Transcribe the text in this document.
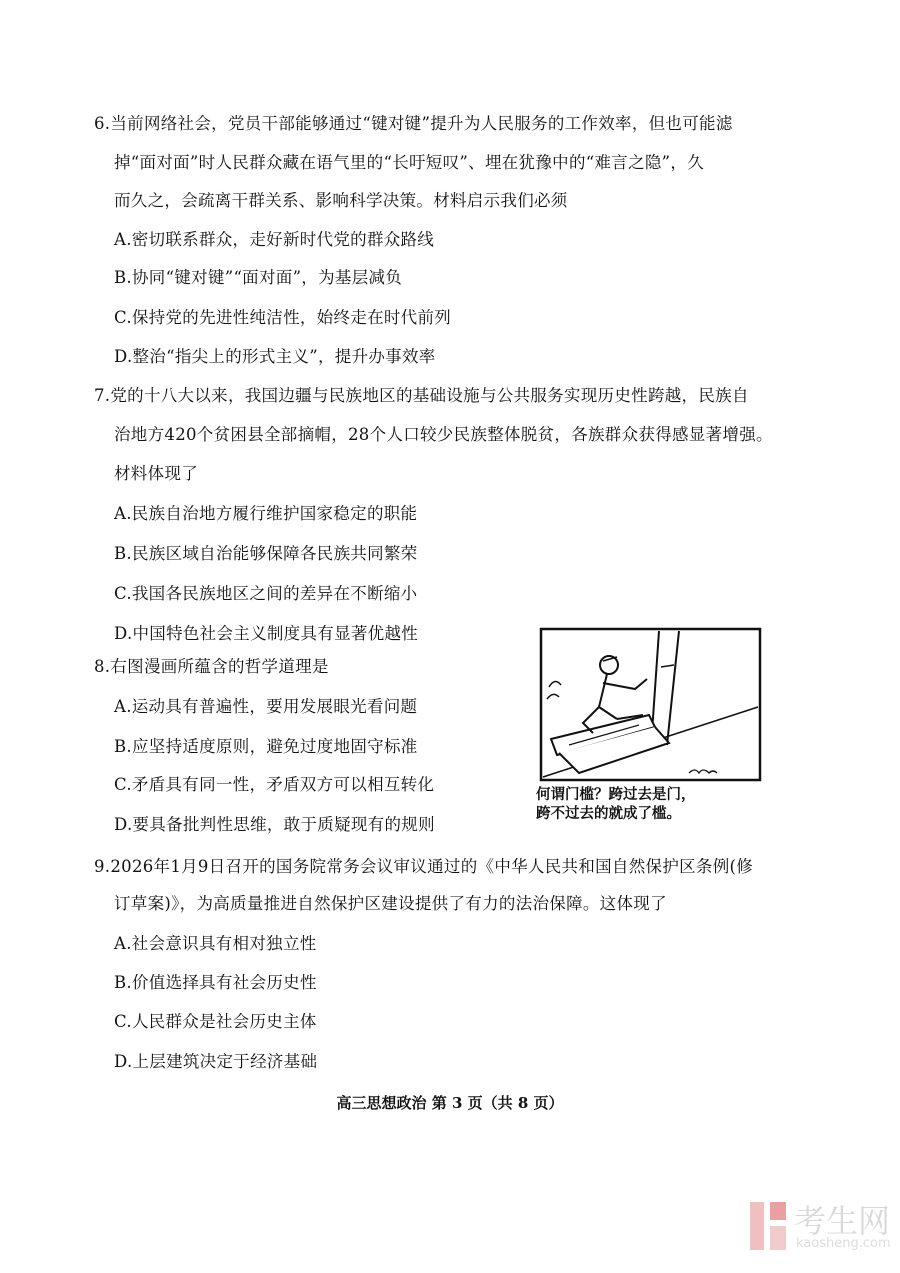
6.当前网络社会，党员干部能够通过“键对键”提升为人民服务的工作效率，但也可能滤
掉“面对面”时人民群众藏在语气里的“长吁短叹”、埋在犹豫中的“难言之隐”，久
而久之，会疏离干群关系、影响科学决策。材料启示我们必须
A.密切联系群众，走好新时代党的群众路线
B.协同“键对键”“面对面”，为基层减负
C.保持党的先进性纯洁性，始终走在时代前列
D.整治“指尖上的形式主义”，提升办事效率
7.党的十八大以来，我国边疆与民族地区的基础设施与公共服务实现历史性跨越，民族自
治地方420个贫困县全部摘帽，28个人口较少民族整体脱贫，各族群众获得感显著增强。
材料体现了
A.民族自治地方履行维护国家稳定的职能
B.民族区域自治能够保障各民族共同繁荣
C.我国各民族地区之间的差异在不断缩小
D.中国特色社会主义制度具有显著优越性
8.右图漫画所蕴含的哲学道理是
A.运动具有普遍性，要用发展眼光看问题
B.应坚持适度原则，避免过度地固守标准
C.矛盾具有同一性，矛盾双方可以相互转化
D.要具备批判性思维，敢于质疑现有的规则
何谓门槛？跨过去是门，
跨不过去的就成了槛。
9.2026年1月9日召开的国务院常务会议审议通过的《中华人民共和国自然保护区条例(修
订草案)》，为高质量推进自然保护区建设提供了有力的法治保障。这体现了
A.社会意识具有相对独立性
B.价值选择具有社会历史性
C.人民群众是社会历史主体
D.上层建筑决定于经济基础
高三思想政治 第 3 页（共 8 页）
考生网
kaosheng.com
